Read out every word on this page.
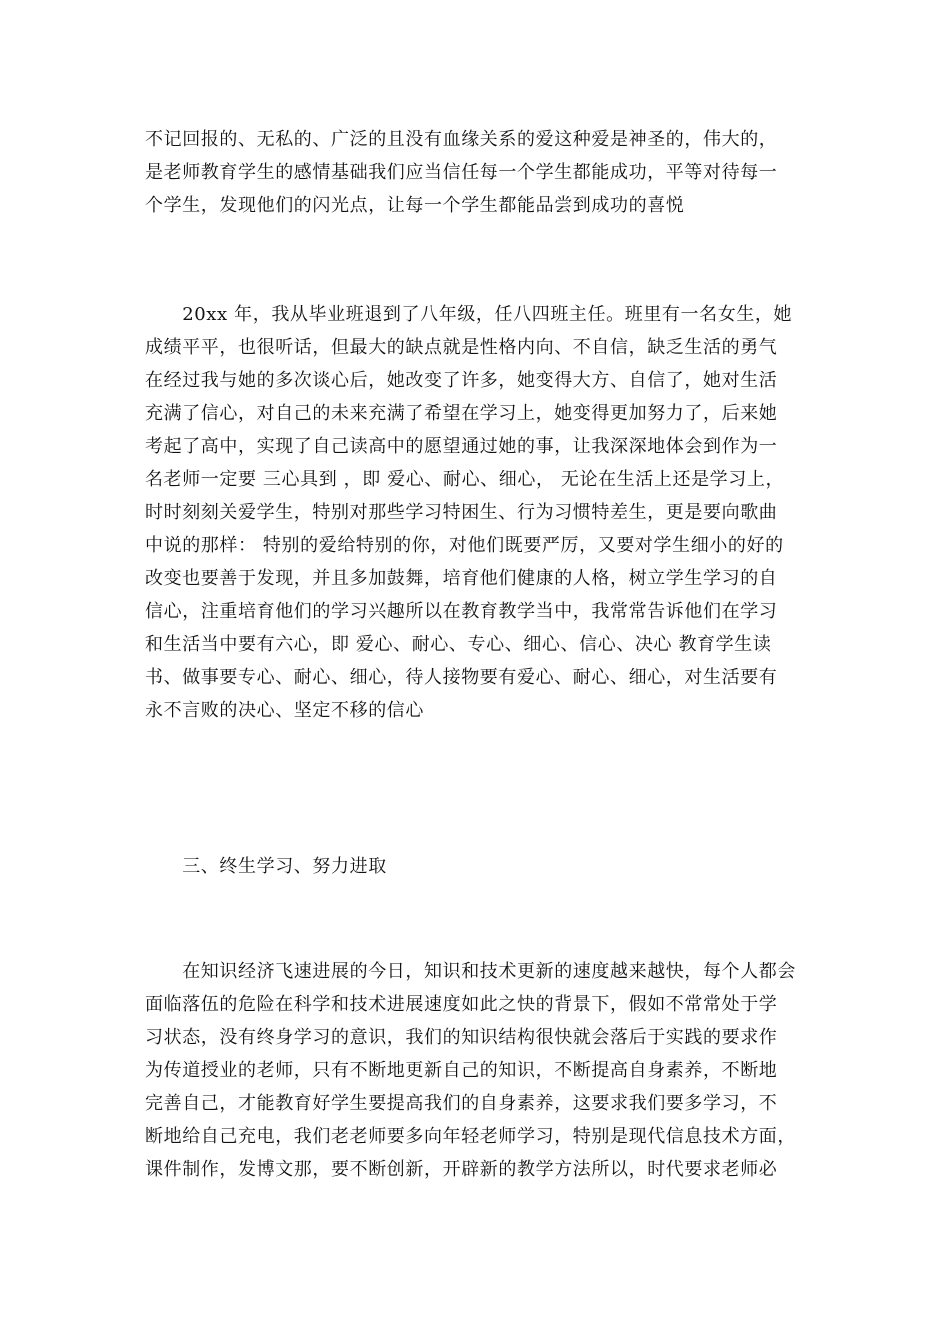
不记回报的、无私的、广泛的且没有血缘关系的爱这种爱是神圣的，伟大的，
是老师教育学生的感情基础我们应当信任每一个学生都能成功，平等对待每一
个学生，发现他们的闪光点，让每一个学生都能品尝到成功的喜悦
　　20xx 年，我从毕业班退到了八年级，任八四班主任。班里有一名女生，她
成绩平平，也很听话，但最大的缺点就是性格内向、不自信，缺乏生活的勇气
在经过我与她的多次谈心后，她改变了许多，她变得大方、自信了，她对生活
充满了信心，对自己的未来充满了希望在学习上，她变得更加努力了，后来她
考起了高中，实现了自己读高中的愿望通过她的事，让我深深地体会到作为一
名老师一定要 三心具到 ，即 爱心、耐心、细心， 无论在生活上还是学习上，
时时刻刻关爱学生，特别对那些学习特困生、行为习惯特差生，更是要向歌曲
中说的那样： 特别的爱给特别的你，对他们既要严厉，又要对学生细小的好的
改变也要善于发现，并且多加鼓舞，培育他们健康的人格，树立学生学习的自
信心，注重培育他们的学习兴趣所以在教育教学当中，我常常告诉他们在学习
和生活当中要有六心，即 爱心、耐心、专心、细心、信心、决心 教育学生读
书、做事要专心、耐心、细心，待人接物要有爱心、耐心、细心，对生活要有
永不言败的决心、坚定不移的信心
　　三、终生学习、努力进取
　　在知识经济飞速进展的今日，知识和技术更新的速度越来越快，每个人都会
面临落伍的危险在科学和技术进展速度如此之快的背景下，假如不常常处于学
习状态，没有终身学习的意识，我们的知识结构很快就会落后于实践的要求作
为传道授业的老师，只有不断地更新自己的知识，不断提高自身素养，不断地
完善自己，才能教育好学生要提高我们的自身素养，这要求我们要多学习，不
断地给自己充电，我们老老师要多向年轻老师学习，特别是现代信息技术方面，
课件制作，发博文那，要不断创新，开辟新的教学方法所以，时代要求老师必
